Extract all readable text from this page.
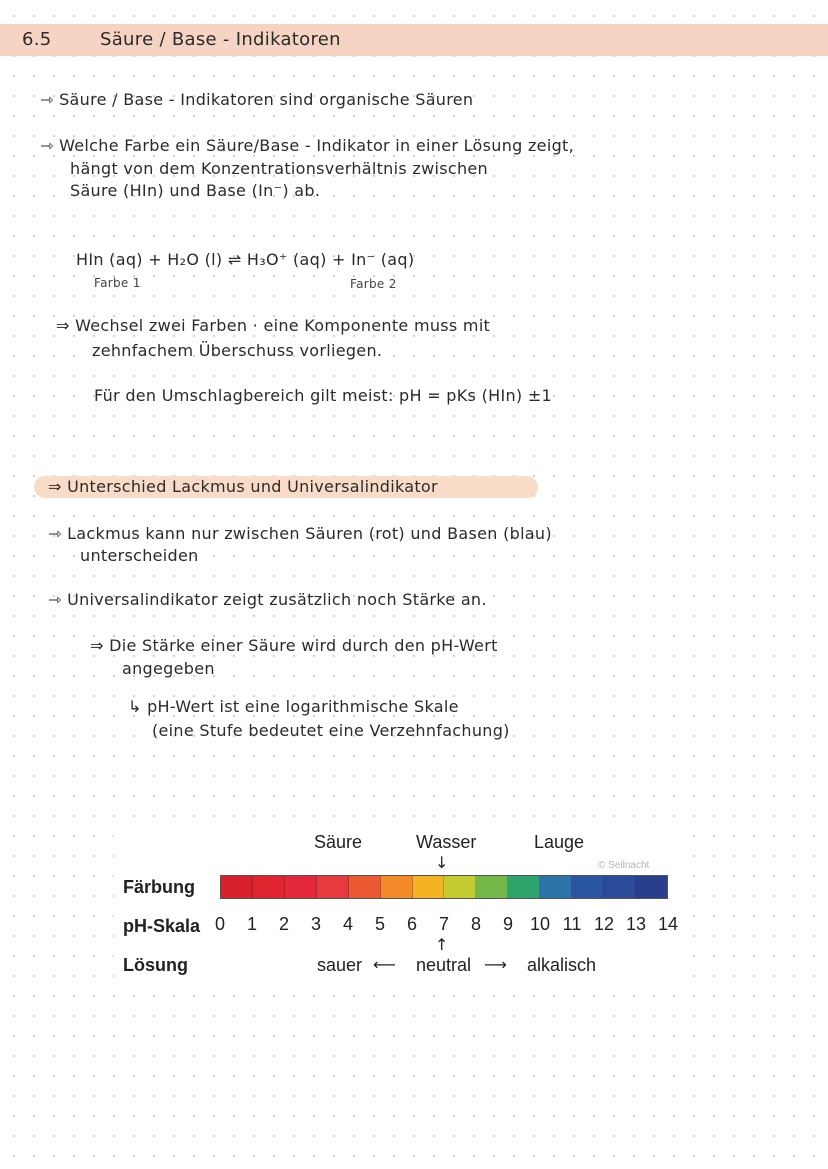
6.5	Säure / Base - Indikatoren
⇾ Säure / Base - Indikatoren sind organische Säuren
⇾ Welche Farbe ein Säure/Base - Indikator in einer Lösung zeigt,
hängt von dem Konzentrationsverhältnis zwischen
Säure (HIn) und Base (In⁻) ab.
HIn (aq) + H₂O (l) ⇌ H₃O⁺ (aq) + In⁻ (aq)
Farbe 1	Farbe 2
⇒ Wechsel zwei Farben · eine Komponente muss mit
zehnfachem Überschuss vorliegen.
Für den Umschlagbereich gilt meist: pH = pKs (HIn) ±1
⇒ Unterschied Lackmus und Universalindikator
⇾ Lackmus kann nur zwischen Säuren (rot) und Basen (blau)
unterscheiden
⇾ Universalindikator zeigt zusätzlich noch Stärke an.
⇒ Die Stärke einer Säure wird durch den pH-Wert
angegeben
↳ pH-Wert ist eine logarithmische Skale
(eine Stufe bedeutet eine Verzehnfachung)
Säure	Wasser	Lauge
↓	© Seilnacht
Färbung
pH-Skala 0	1	2	3	4	5	6	7	8	9 10 11 12 13 14
↑
Lösung	sauer ⟵ neutral ⟶ alkalisch
